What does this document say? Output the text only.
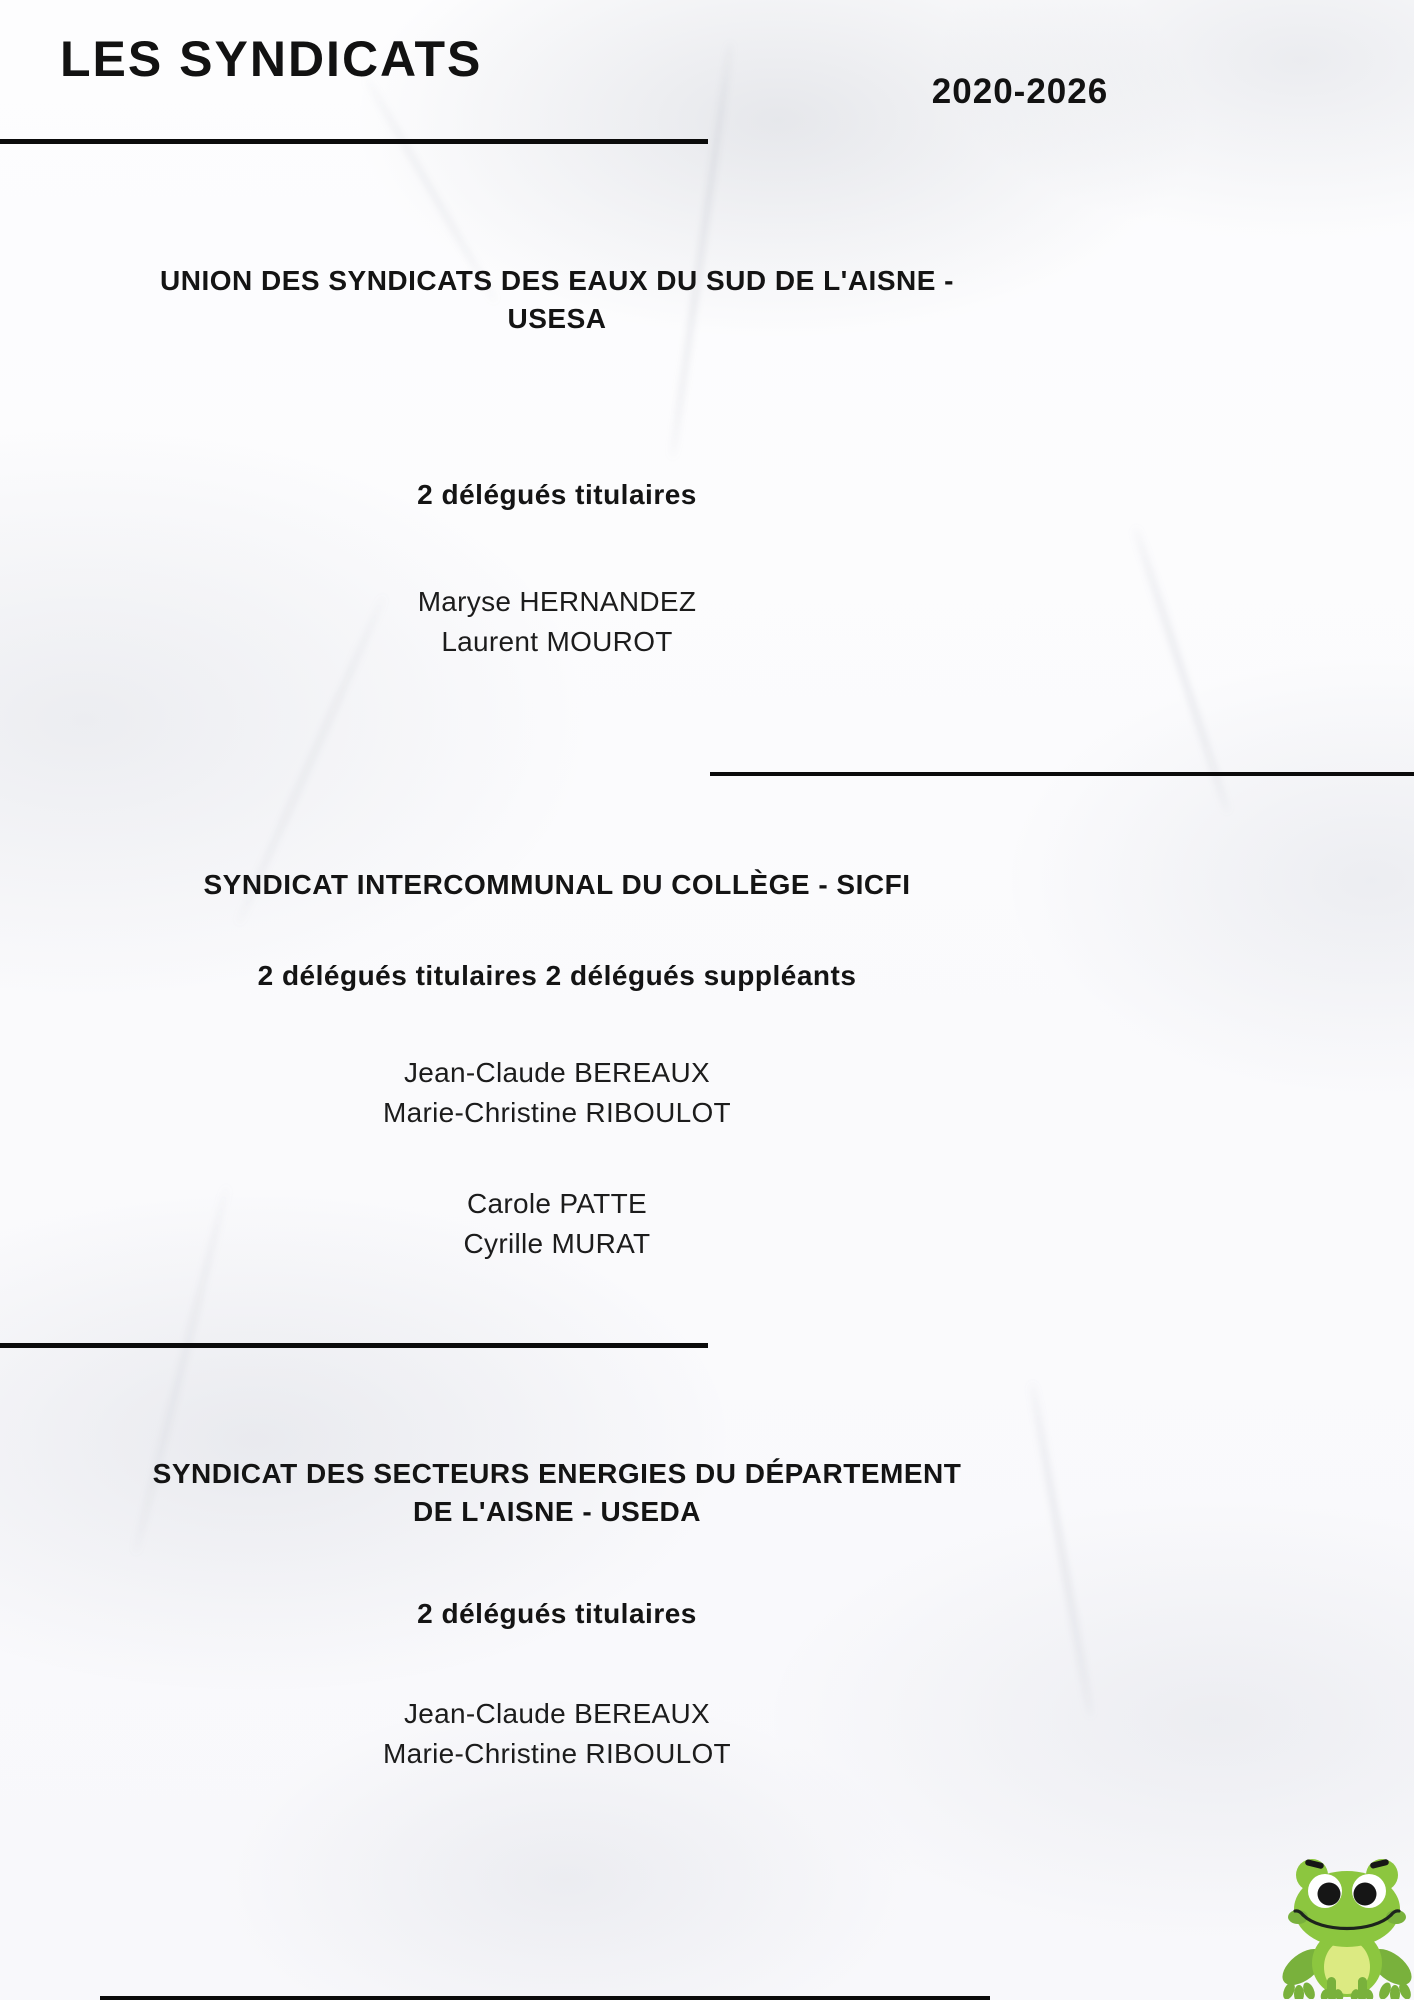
LES SYNDICATS
2020-2026
UNION DES SYNDICATS DES EAUX DU SUD DE L'AISNE -
USESA
2 délégués titulaires
Maryse HERNANDEZ
Laurent MOUROT
SYNDICAT INTERCOMMUNAL DU COLLÈGE - SICFI
2 délégués titulaires 2 délégués suppléants
Jean-Claude BEREAUX
Marie-Christine RIBOULOT
Carole PATTE
Cyrille MURAT
SYNDICAT DES SECTEURS ENERGIES DU DÉPARTEMENT
DE L'AISNE - USEDA
2 délégués titulaires
Jean-Claude BEREAUX
Marie-Christine RIBOULOT
